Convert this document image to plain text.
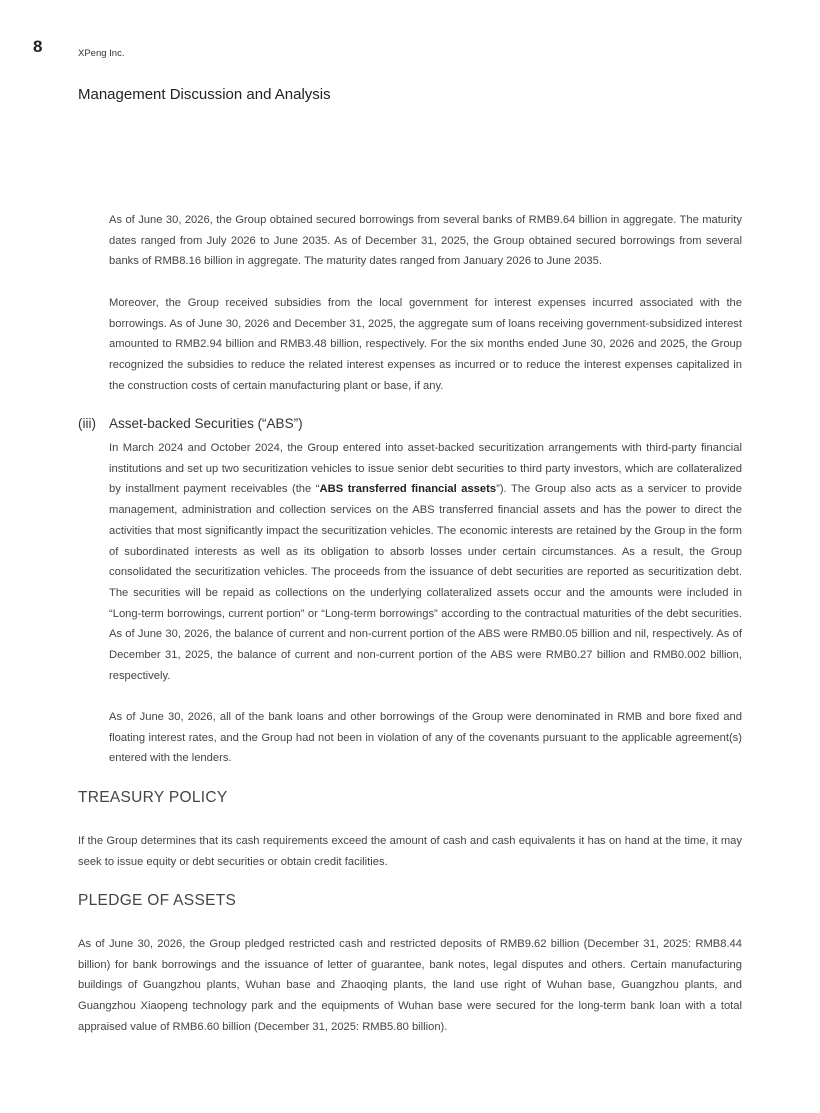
8	XPeng Inc.
Management Discussion and Analysis

As of June 30, 2026, the Group obtained secured borrowings from several banks of RMB9.64 billion in aggregate. The maturity dates ranged from July 2026 to June 2035. As of December 31, 2025, the Group obtained secured borrowings from several banks of RMB8.16 billion in aggregate. The maturity dates ranged from January 2026 to June 2035.

Moreover, the Group received subsidies from the local government for interest expenses incurred associated with the borrowings. As of June 30, 2026 and December 31, 2025, the aggregate sum of loans receiving government-subsidized interest amounted to RMB2.94 billion and RMB3.48 billion, respectively. For the six months ended June 30, 2026 and 2025, the Group recognized the subsidies to reduce the related interest expenses as incurred or to reduce the interest expenses capitalized in the construction costs of certain manufacturing plant or base, if any.

(iii) Asset-backed Securities (“ABS”)

In March 2024 and October 2024, the Group entered into asset-backed securitization arrangements with third-party financial institutions and set up two securitization vehicles to issue senior debt securities to third party investors, which are collateralized by installment payment receivables (the “ABS transferred financial assets”). The Group also acts as a servicer to provide management, administration and collection services on the ABS transferred financial assets and has the power to direct the activities that most significantly impact the securitization vehicles. The economic interests are retained by the Group in the form of subordinated interests as well as its obligation to absorb losses under certain circumstances. As a result, the Group consolidated the securitization vehicles. The proceeds from the issuance of debt securities are reported as securitization debt. The securities will be repaid as collections on the underlying collateralized assets occur and the amounts were included in “Long-term borrowings, current portion” or “Long-term borrowings” according to the contractual maturities of the debt securities. As of June 30, 2026, the balance of current and non-current portion of the ABS were RMB0.05 billion and nil, respectively. As of December 31, 2025, the balance of current and non-current portion of the ABS were RMB0.27 billion and RMB0.002 billion, respectively.

As of June 30, 2026, all of the bank loans and other borrowings of the Group were denominated in RMB and bore fixed and floating interest rates, and the Group had not been in violation of any of the covenants pursuant to the applicable agreement(s) entered with the lenders.

TREASURY POLICY

If the Group determines that its cash requirements exceed the amount of cash and cash equivalents it has on hand at the time, it may seek to issue equity or debt securities or obtain credit facilities.

PLEDGE OF ASSETS

As of June 30, 2026, the Group pledged restricted cash and restricted deposits of RMB9.62 billion (December 31, 2025: RMB8.44 billion) for bank borrowings and the issuance of letter of guarantee, bank notes, legal disputes and others. Certain manufacturing buildings of Guangzhou plants, Wuhan base and Zhaoqing plants, the land use right of Wuhan base, Guangzhou plants, and Guangzhou Xiaopeng technology park and the equipments of Wuhan base were secured for the long-term bank loan with a total appraised value of RMB6.60 billion (December 31, 2025: RMB5.80 billion).
